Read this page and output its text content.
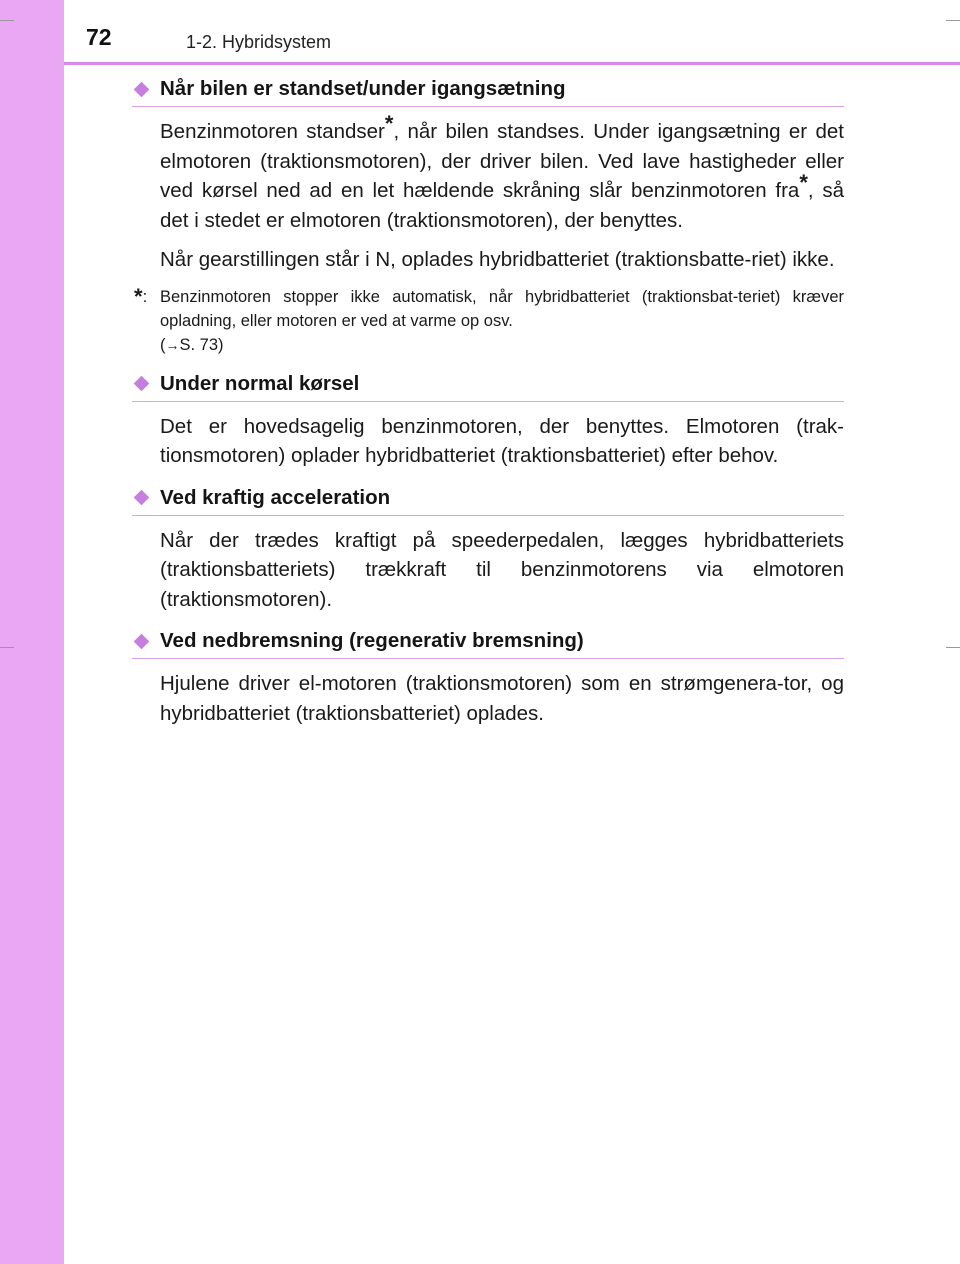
72	1-2. Hybridsystem
Når bilen er standset/under igangsætning
Benzinmotoren standser*, når bilen standses. Under igangsætning er det elmotoren (traktionsmotoren), der driver bilen. Ved lave hastigheder eller ved kørsel ned ad en let hældende skråning slår benzinmotoren fra*, så det i stedet er elmotoren (traktionsmotoren), der benyttes.
Når gearstillingen står i N, oplades hybridbatteriet (traktionsbatte-riet) ikke.
*: Benzinmotoren stopper ikke automatisk, når hybridbatteriet (traktionsbat-teriet) kræver opladning, eller motoren er ved at varme op osv.
(→S. 73)
Under normal kørsel
Det er hovedsagelig benzinmotoren, der benyttes. Elmotoren (trak-tionsmotoren) oplader hybridbatteriet (traktionsbatteriet) efter behov.
Ved kraftig acceleration
Når der trædes kraftigt på speederpedalen, lægges hybridbatteriets (traktionsbatteriets) trækkraft til benzinmotorens via elmotoren (traktionsmotoren).
Ved nedbremsning (regenerativ bremsning)
Hjulene driver el-motoren (traktionsmotoren) som en strømgenera-tor, og hybridbatteriet (traktionsbatteriet) oplades.
